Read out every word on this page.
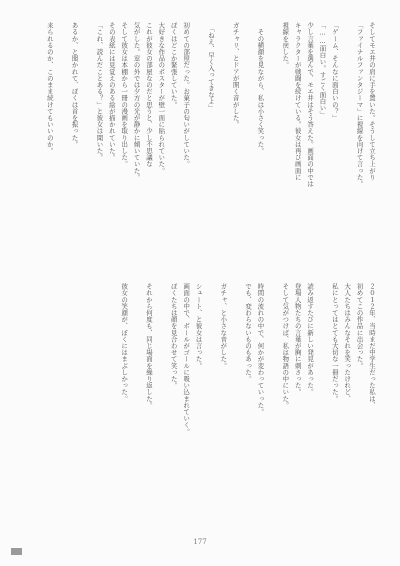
そしてモエ井の肩に手を置いた。そうして立ち上がり
「ファイナルファンタジーマ」に視線を向けて言った。
「ゲーム、そんなに面白いの？」
「……面白い。すごく面白い」
少し言葉を選んで、モエ井はそう答えた。画面の中では
キャラクターが戦闘を続けている。彼女は再び画面に
視線を戻した。
　その横顔を見ながら、私は小さく笑った。
ガチャリ、とドアが開く音がした。
　「ねえ、早く入ってきなよ」
初めての部屋だった。お菓子の匂いがしていた。
ぼくはどこか緊張していた。
大好きな作品のポスターが壁一面に貼られていた。
これが彼女の部屋なのだと思うと、少し不思議な
気がした。窓の外では夕方の光が静かに傾いていた。
そして彼女は本棚から一冊の漫画を取り出した。
その表紙には見覚えのある絵が描かれていた。
「これ、読んだことある？」と彼女は聞いた。
あるか、と聞かれて、ぼくは首を振った。
来られるのか、このまま続けてもいいのか。
２０１２年、当時まだ中学生だった私は、
初めてこの作品に出会った。
大人たちはみんなそれを笑ったけれど、
私にとってはとても大切な一冊だった。
読み返すたびに新しい発見があった。
登場人物たちの言葉が胸に刺さった。
そして気がつけば、私は物語の中にいた。
時間の流れの中で、何かが変わっていった。
でも、変わらないものもあった。
ガチャ、と小さな音がした。
シュート、と彼女は言った。
画面の中で、ボールがゴールに吸い込まれていく。
ぼくたちは顔を見合わせて笑った。
それから何度も、同じ場面を繰り返した。
彼女の笑顔が、ぼくにはまぶしかった。
177
